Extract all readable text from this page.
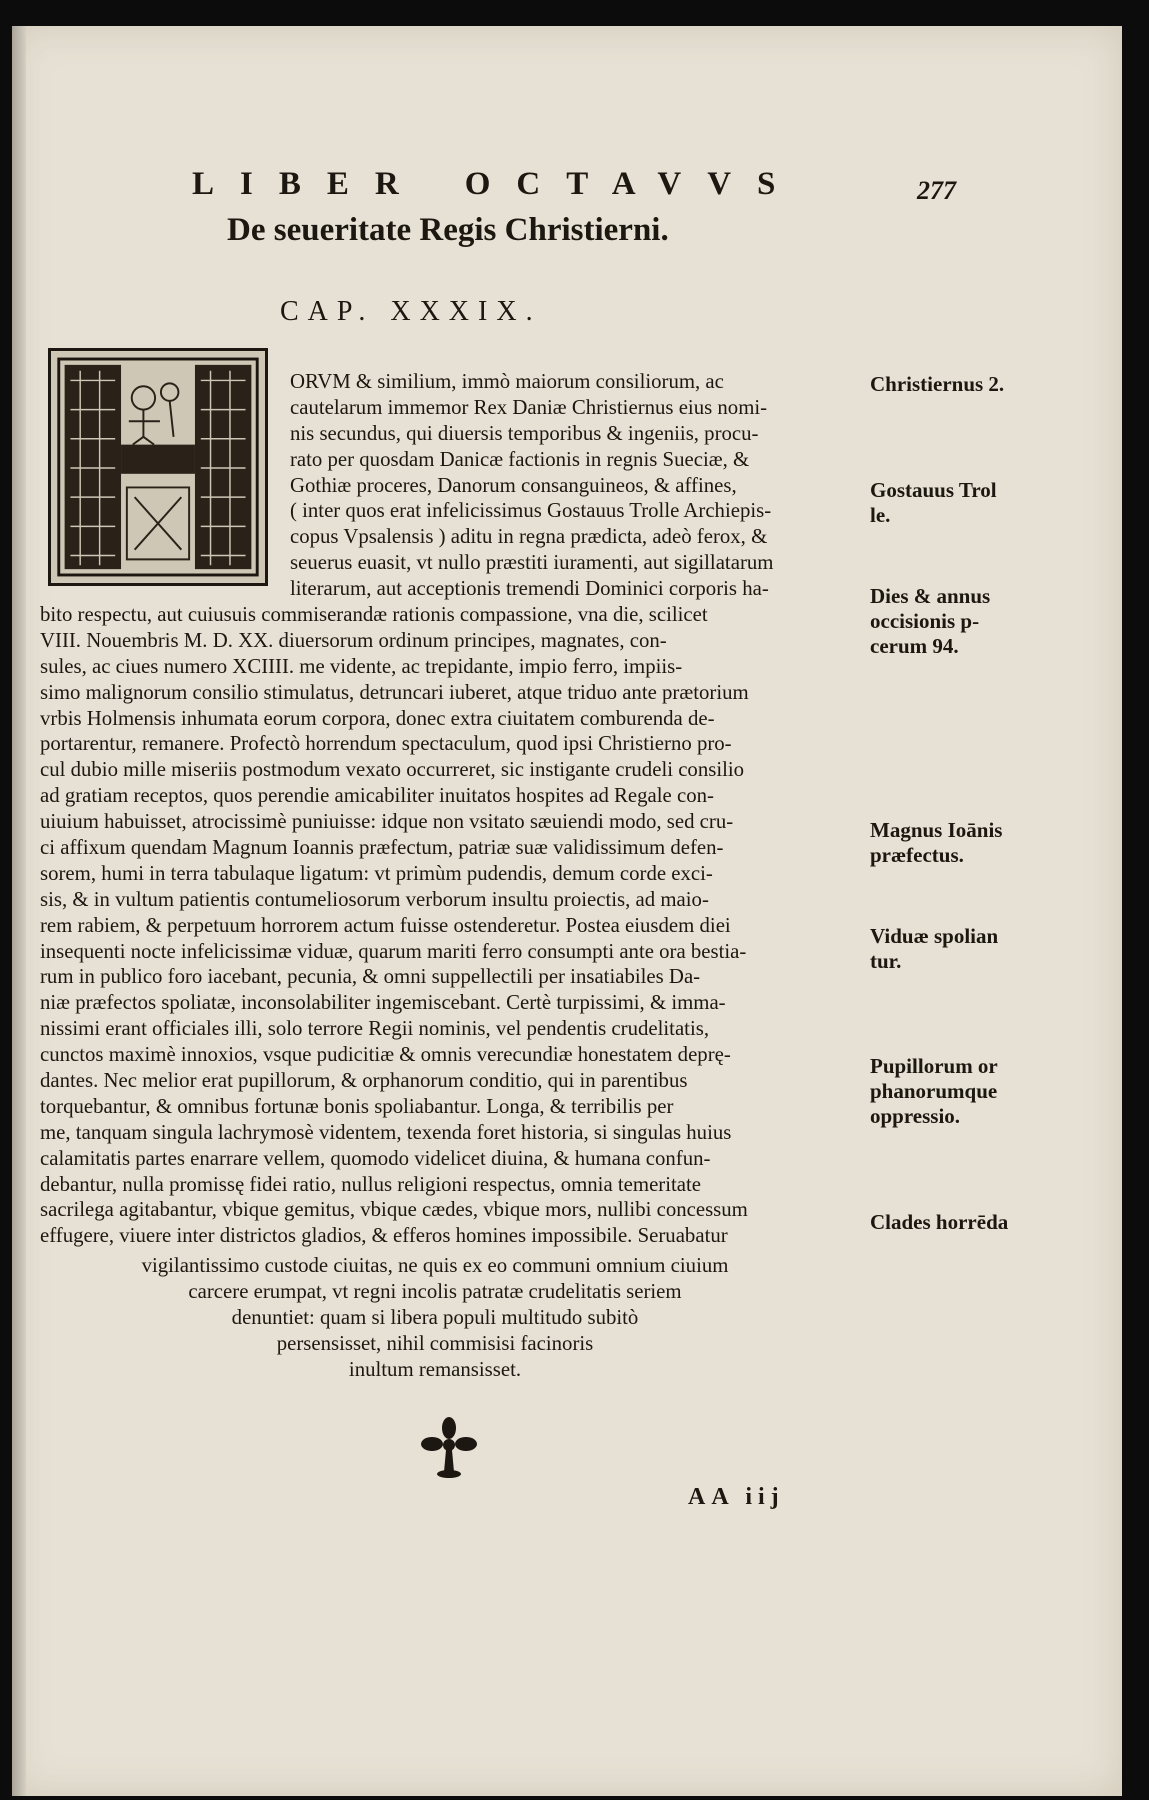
LIBER OCTAVVS	277
De seueritate Regis Christierni.
CAP. XXXIX.
ORVM & similium, immò maiorum consiliorum, ac
cautelarum immemor Rex Daniæ Christiernus eius nomi-
nis secundus, qui diuersis temporibus & ingeniis, procu-
rato per quosdam Danicæ factionis in regnis Sueciæ, &
Gothiæ proceres, Danorum consanguineos, & affines,
( inter quos erat infelicissimus Gostauus Trolle Archiepis-
copus Vpsalensis ) aditu in regna prædicta, adeò ferox, &
seuerus euasit, vt nullo præstiti iuramenti, aut sigillatarum
literarum, aut acceptionis tremendi Dominici corporis ha-
bito respectu, aut cuiusuis commiserandæ rationis compassione, vna die, scilicet
VIII. Nouembris M. D. XX. diuersorum ordinum principes, magnates, con-
sules, ac ciues numero XCIIII. me vidente, ac trepidante, impio ferro, impiis-
simo malignorum consilio stimulatus, detruncari iuberet, atque triduo ante prætorium
vrbis Holmensis inhumata eorum corpora, donec extra ciuitatem comburenda de-
portarentur, remanere. Profectò horrendum spectaculum, quod ipsi Christierno pro-
cul dubio mille miseriis postmodum vexato occurreret, sic instigante crudeli consilio
ad gratiam receptos, quos perendie amicabiliter inuitatos hospites ad Regale con-
uiuium habuisset, atrocissimè puniuisse: idque non vsitato sæuiendi modo, sed cru-
ci affixum quendam Magnum Ioannis præfectum, patriæ suæ validissimum defen-
sorem, humi in terra tabulaque ligatum: vt primùm pudendis, demum corde exci-
sis, & in vultum patientis contumeliosorum verborum insultu proiectis, ad maio-
rem rabiem, & perpetuum horrorem actum fuisse ostenderetur. Postea eiusdem diei
insequenti nocte infelicissimæ viduæ, quarum mariti ferro consumpti ante ora bestia-
rum in publico foro iacebant, pecunia, & omni suppellectili per insatiabiles Da-
niæ præfectos spoliatæ, inconsolabiliter ingemiscebant. Certè turpissimi, & imma-
nissimi erant officiales illi, solo terrore Regii nominis, vel pendentis crudelitatis,
cunctos maximè innoxios, vsque pudicitiæ & omnis verecundiæ honestatem deprę-
dantes. Nec melior erat pupillorum, & orphanorum conditio, qui in parentibus
torquebantur, & omnibus fortunæ bonis spoliabantur. Longa, & terribilis per
me, tanquam singula lachrymosè videntem, texenda foret historia, si singulas huius
calamitatis partes enarrare vellem, quomodo videlicet diuina, & humana confun-
debantur, nulla promissę fidei ratio, nullus religioni respectus, omnia temeritate
sacrilega agitabantur, vbique gemitus, vbique cædes, vbique mors, nullibi concessum
effugere, viuere inter districtos gladios, & efferos homines impossibile. Seruabatur
vigilantissimo custode ciuitas, ne quis ex eo communi omnium ciuium
carcere erumpat, vt regni incolis patratæ crudelitatis seriem
denuntiet: quam si libera populi multitudo subitò
persensisset, nihil commisisi facinoris
inultum remansisset.
Christiernus 2.
Gostauus Trol
le.
Dies & annus
occisionis p-
cerum 94.
Magnus Ioānis
præfectus.
Viduæ spolian
tur.
Pupillorum or
phanorumque
oppressio.
Clades horrēda
AA iij
